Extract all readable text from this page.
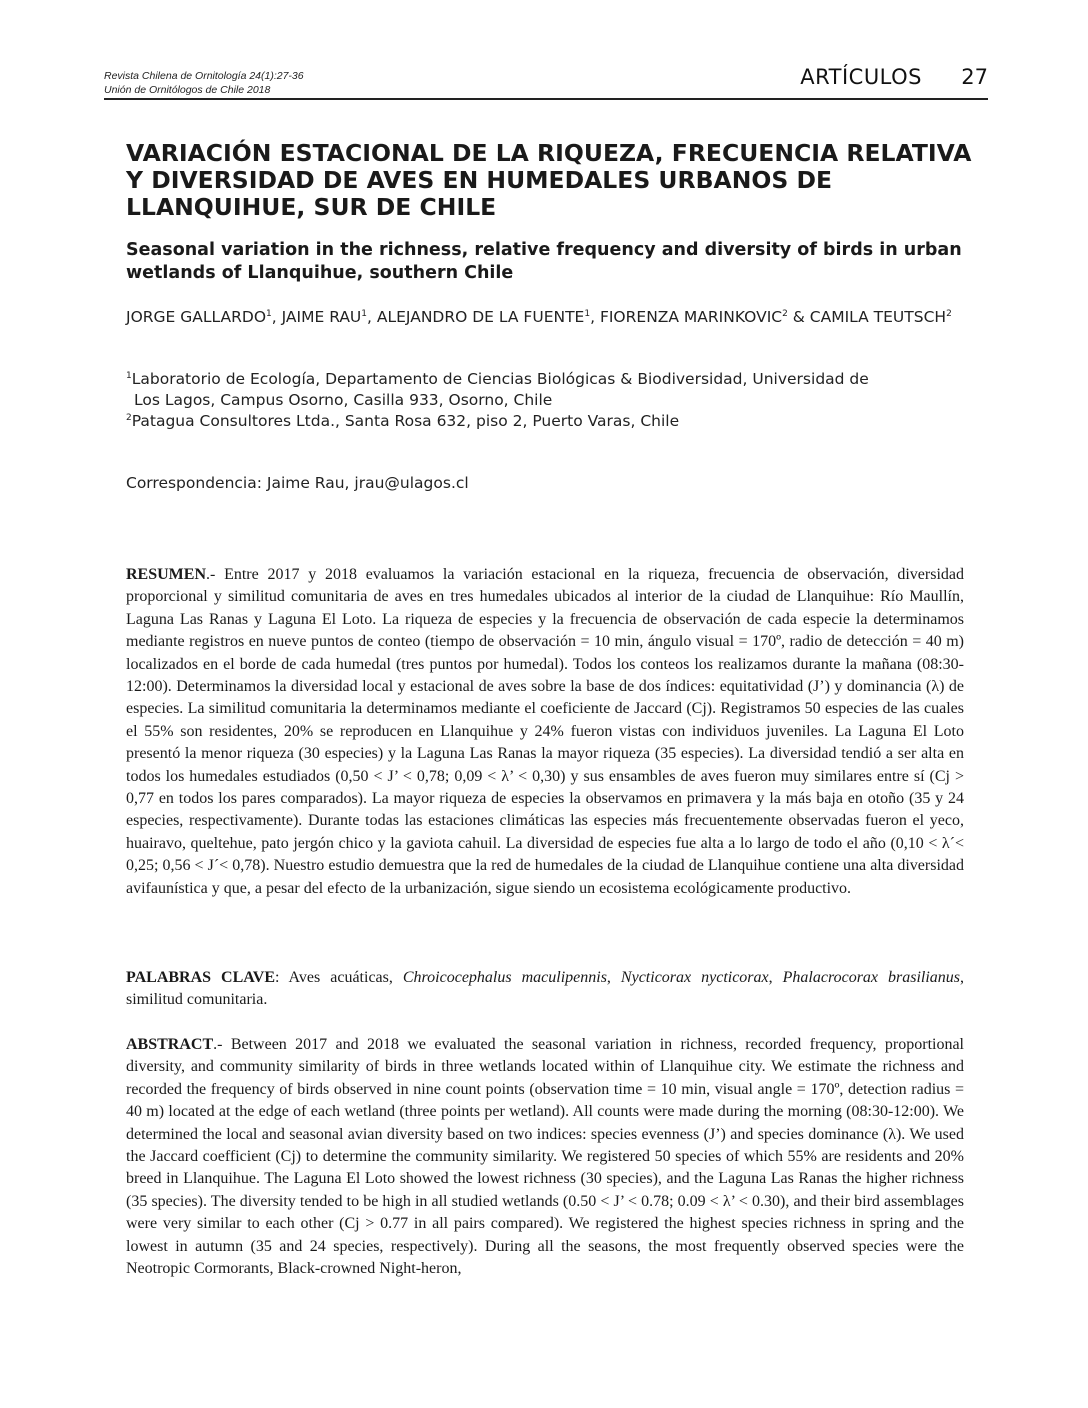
Revista Chilena de Ornitología 24(1):27-36
Unión de Ornitólogos de Chile 2018
ARTÍCULOS 27
VARIACIÓN ESTACIONAL DE LA RIQUEZA, FRECUENCIA RELATIVA Y DIVERSIDAD DE AVES EN HUMEDALES URBANOS DE LLANQUIHUE, SUR DE CHILE
Seasonal variation in the richness, relative frequency and diversity of birds in urban wetlands of Llanquihue, southern Chile
JORGE GALLARDO$^1$, JAIME RAU$^1$, ALEJANDRO DE LA FUENTE$^1$, FIORENZA MARINKOVIC$^2$ & CAMILA TEUTSCH$^2$
$^1$Laboratorio de Ecología, Departamento de Ciencias Biológicas & Biodiversidad, Universidad de
Los Lagos, Campus Osorno, Casilla 933, Osorno, Chile
$^2$Patagua Consultores Ltda., Santa Rosa 632, piso 2, Puerto Varas, Chile
Correspondencia: Jaime Rau, jrau@ulagos.cl
RESUMEN.- Entre 2017 y 2018 evaluamos la variación estacional en la riqueza, frecuencia de observación, diversidad proporcional y similitud comunitaria de aves en tres humedales ubicados al interior de la ciudad de Llanquihue: Río Maullín, Laguna Las Ranas y Laguna El Loto. La riqueza de especies y la frecuencia de observación de cada especie la determinamos mediante registros en nueve puntos de conteo (tiempo de observación = 10 min, ángulo visual = 170º, radio de detección = 40 m) localizados en el borde de cada humedal (tres puntos por humedal). Todos los conteos los realizamos durante la mañana (08:30-12:00). Determinamos la diversidad local y estacional de aves sobre la base de dos índices: equitatividad (J’) y dominancia (λ) de especies. La similitud comunitaria la determinamos mediante el coeficiente de Jaccard (Cj). Registramos 50 especies de las cuales el 55% son residentes, 20% se reproducen en Llanquihue y 24% fueron vistas con individuos juveniles. La Laguna El Loto presentó la menor riqueza (30 especies) y la Laguna Las Ranas la mayor riqueza (35 especies). La diversidad tendió a ser alta en todos los humedales estudiados (0,50 < J’ < 0,78; 0,09 < λ’ < 0,30) y sus ensambles de aves fueron muy similares entre sí (Cj > 0,77 en todos los pares comparados). La mayor riqueza de especies la observamos en primavera y la más baja en otoño (35 y 24 especies, respectivamente). Durante todas las estaciones climáticas las especies más frecuentemente observadas fueron el yeco, huairavo, queltehue, pato jergón chico y la gaviota cahuil. La diversidad de especies fue alta a lo largo de todo el año (0,10 < λ´< 0,25; 0,56 < J´< 0,78). Nuestro estudio demuestra que la red de humedales de la ciudad de Llanquihue contiene una alta diversidad avifaunística y que, a pesar del efecto de la urbanización, sigue siendo un ecosistema ecológicamente productivo.
PALABRAS CLAVE: Aves acuáticas, Chroicocephalus maculipennis, Nycticorax nycticorax, Phalacrocorax brasilianus, similitud comunitaria.
ABSTRACT.- Between 2017 and 2018 we evaluated the seasonal variation in richness, recorded frequency, proportional diversity, and community similarity of birds in three wetlands located within of Llanquihue city. We estimate the richness and recorded the frequency of birds observed in nine count points (observation time = 10 min, visual angle = 170º, detection radius = 40 m) located at the edge of each wetland (three points per wetland). All counts were made during the morning (08:30-12:00). We determined the local and seasonal avian diversity based on two indices: species evenness (J’) and species dominance (λ). We used the Jaccard coefficient (Cj) to determine the community similarity. We registered 50 species of which 55% are residents and 20% breed in Llanquihue. The Laguna El Loto showed the lowest richness (30 species), and the Laguna Las Ranas the higher richness (35 species). The diversity tended to be high in all studied wetlands (0.50 < J’ < 0.78; 0.09 < λ’ < 0.30), and their bird assemblages were very similar to each other (Cj > 0.77 in all pairs compared). We registered the highest species richness in spring and the lowest in autumn (35 and 24 species, respectively). During all the seasons, the most frequently observed species were the Neotropic Cormorants, Black-crowned Night-heron,
